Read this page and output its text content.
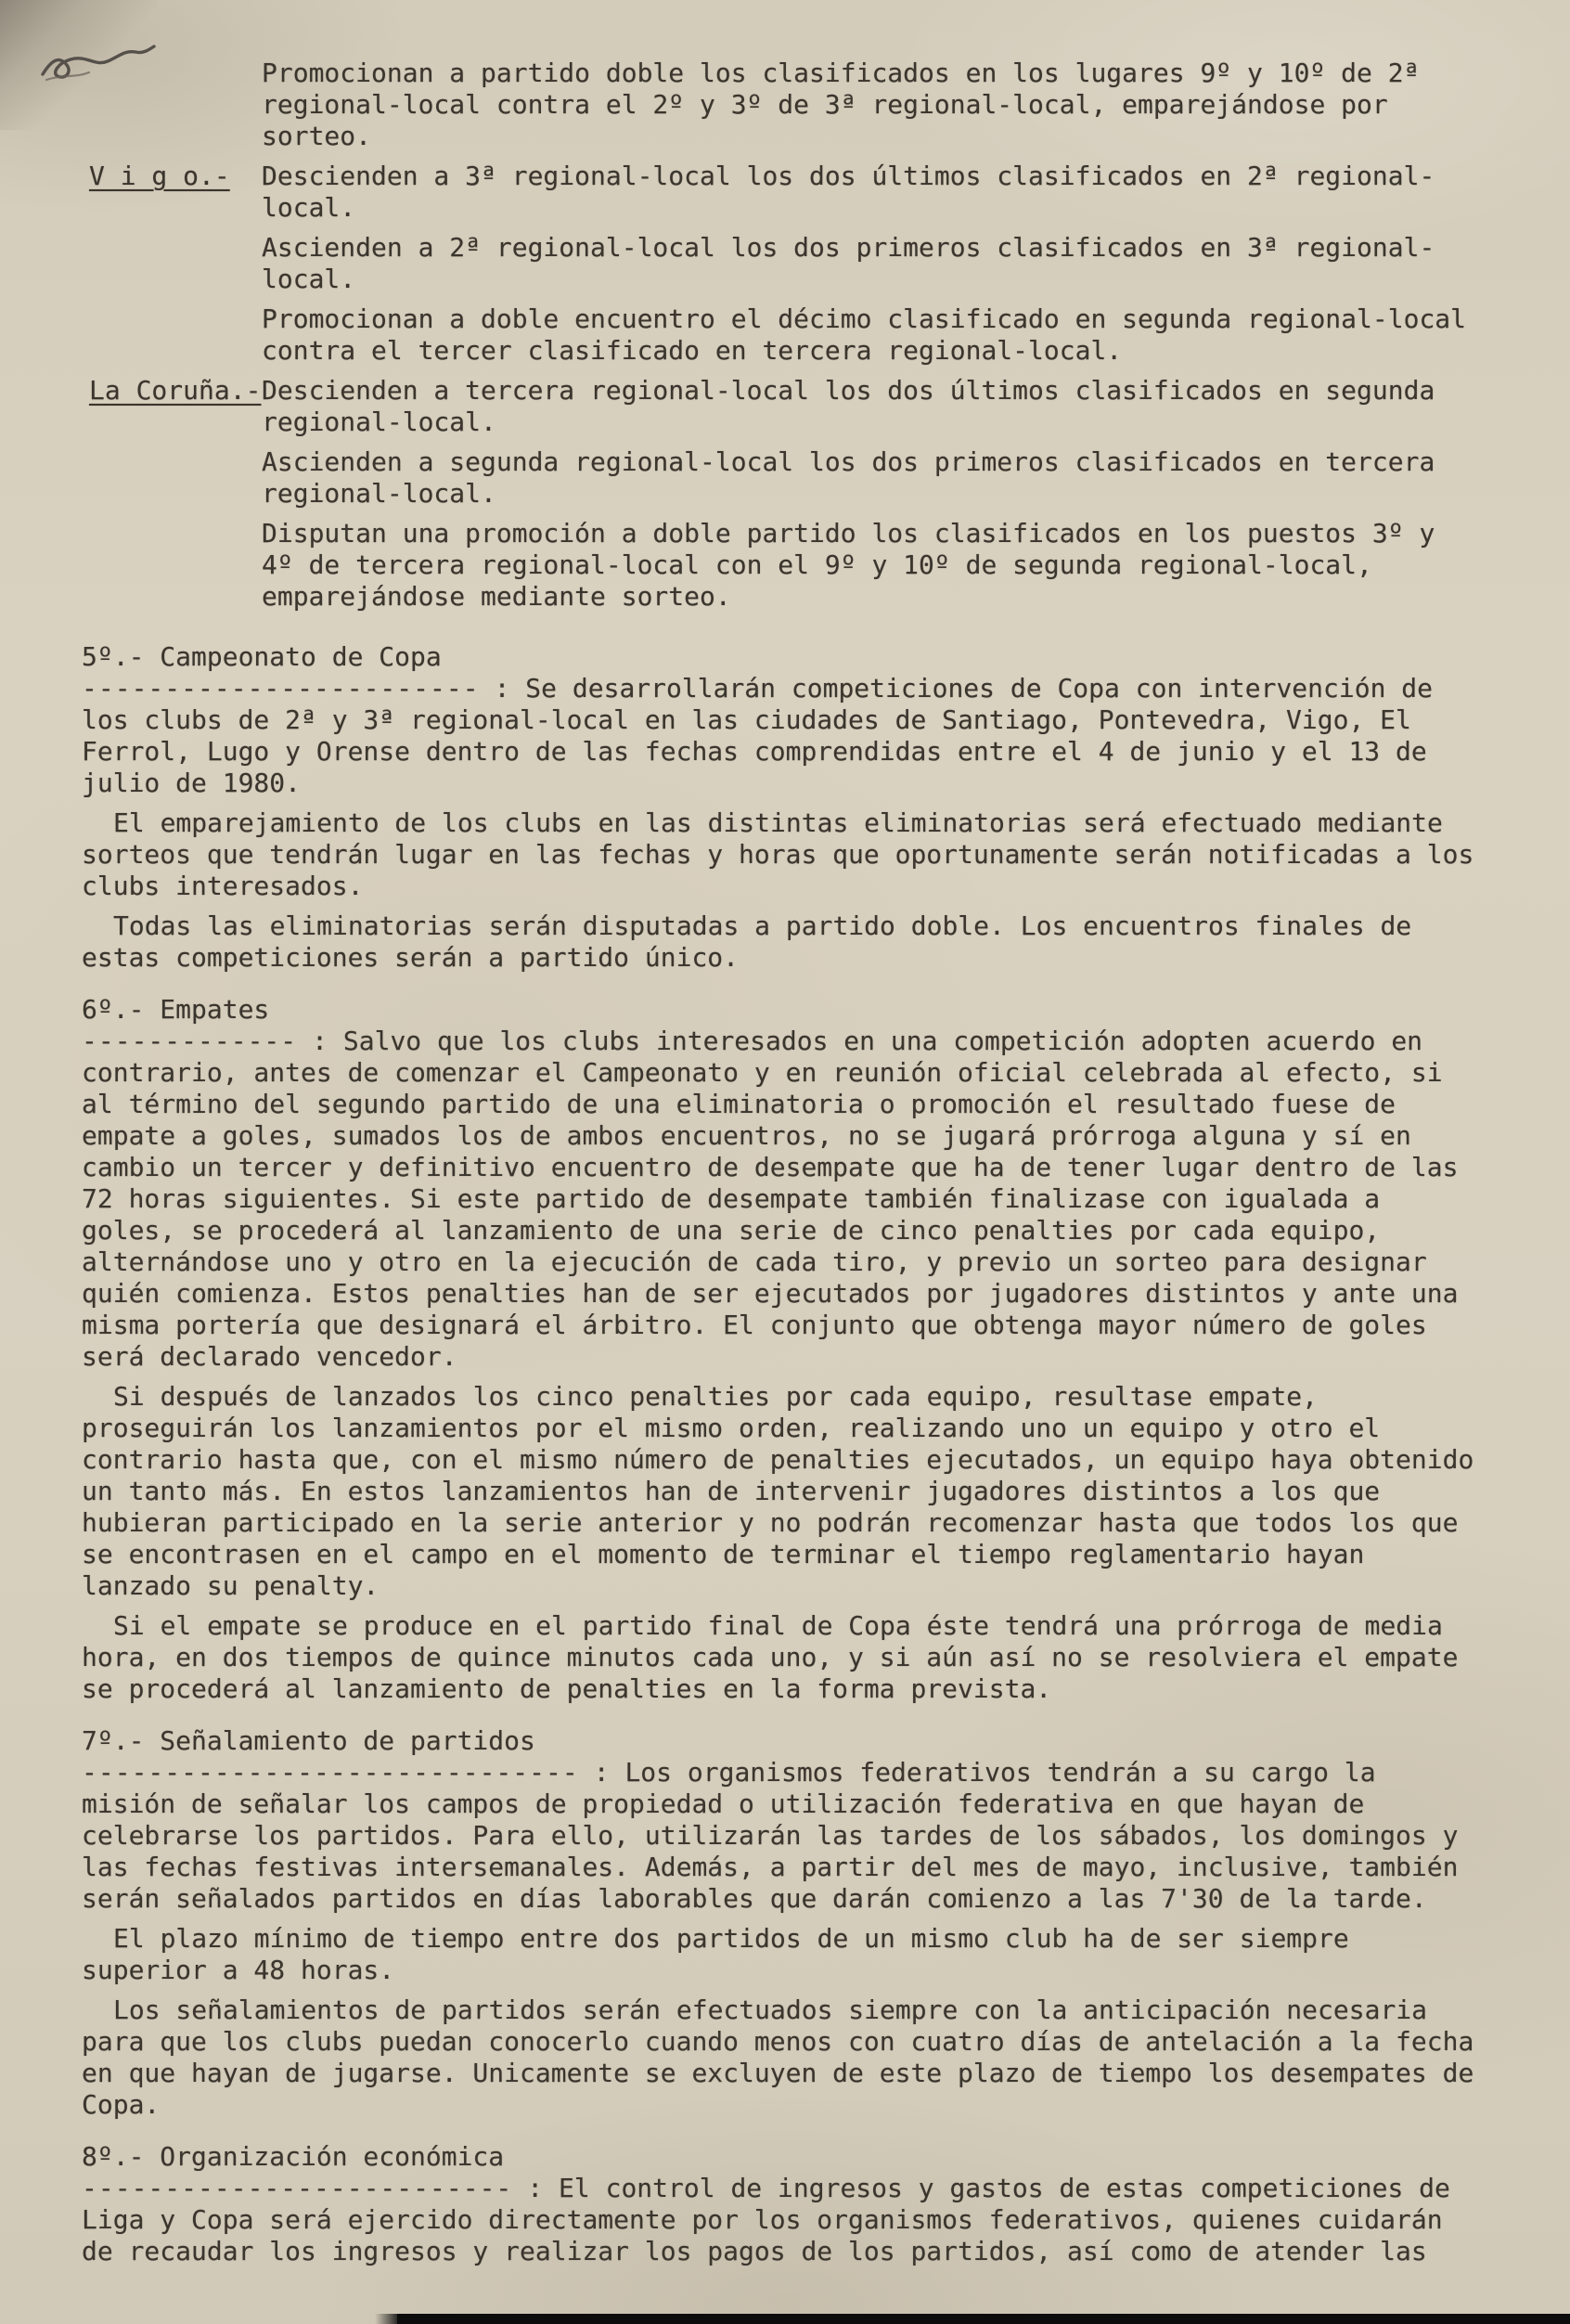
Promocionan a partido doble los clasificados en los lugares 9º y 10º de 2ª regional-local contra el 2º y 3º de 3ª regional-local, emparejándose por sorteo.

V i g o.-	Descienden a 3ª regional-local los dos últimos clasificados en 2ª regional-local.

Ascienden a 2ª regional-local los dos primeros clasificados en 3ª regional-local.

Promocionan a doble encuentro el décimo clasificado en segunda regional-local contra el tercer clasificado en tercera regional-local.

La Coruña.- Descienden a tercera regional-local los dos últimos clasificados en segunda regional-local.

Ascienden a segunda regional-local los dos primeros clasificados en tercera regional-local.

Disputan una promoción a doble partido los clasificados en los puestos 3º y 4º de tercera regional-local con el 9º y 10º de segunda regional-local, emparejándose mediante sorteo.

5º.- Campeonato de Copa

------------------------ : Se desarrollarán competiciones de Copa con intervención de los clubs de 2ª y 3ª regional-local en las ciudades de Santiago, Pontevedra, Vigo, El Ferrol, Lugo y Orense dentro de las fechas comprendidas entre el 4 de junio y el 13 de julio de 1980.

El emparejamiento de los clubs en las distintas eliminatorias será efectuado mediante sorteos que tendrán lugar en las fechas y horas que oportunamente serán notificadas a los clubs interesados.

Todas las eliminatorias serán disputadas a partido doble. Los encuentros finales de estas competiciones serán a partido único.

6º.- Empates

------------- : Salvo que los clubs interesados en una competición adopten acuerdo en contrario, antes de comenzar el Campeonato y en reunión oficial celebrada al efecto, si al término del segundo partido de una eliminatoria o promoción el resultado fuese de empate a goles, sumados los de ambos encuentros, no se jugará prórroga alguna y sí en cambio un tercer y definitivo encuentro de desempate que ha de tener lugar dentro de las 72 horas siguientes. Si este partido de desempate también finalizase con igualada a goles, se procederá al lanzamiento de una serie de cinco penalties por cada equipo, alternándose uno y otro en la ejecución de cada tiro, y previo un sorteo para designar quién comienza. Estos penalties han de ser ejecutados por jugadores distintos y ante una misma portería que designará el árbitro. El conjunto que obtenga mayor número de goles será declarado vencedor.

Si después de lanzados los cinco penalties por cada equipo, resultase empate, proseguirán los lanzamientos por el mismo orden, realizando uno un equipo y otro el contrario hasta que, con el mismo número de penalties ejecutados, un equipo haya obtenido un tanto más. En estos lanzamientos han de intervenir jugadores distintos a los que hubieran participado en la serie anterior y no podrán recomenzar hasta que todos los que se encontrasen en el campo en el momento de terminar el tiempo reglamentario hayan lanzado su penalty.

Si el empate se produce en el partido final de Copa éste tendrá una prórroga de media hora, en dos tiempos de quince minutos cada uno, y si aún así no se resolviera el empate se procederá al lanzamiento de penalties en la forma prevista.

7º.- Señalamiento de partidos

------------------------------ : Los organismos federativos tendrán a su cargo la misión de señalar los campos de propiedad o utilización federativa en que hayan de celebrarse los partidos. Para ello, utilizarán las tardes de los sábados, los domingos y las fechas festivas intersemanales. Además, a partir del mes de mayo, inclusive, también serán señalados partidos en días laborables que darán comienzo a las 7'30 de la tarde.

El plazo mínimo de tiempo entre dos partidos de un mismo club ha de ser siempre superior a 48 horas.

Los señalamientos de partidos serán efectuados siempre con la anticipación necesaria para que los clubs puedan conocerlo cuando menos con cuatro días de antelación a la fecha en que hayan de jugarse. Unicamente se excluyen de este plazo de tiempo los desempates de Copa.

8º.- Organización económica

-------------------------- : El control de ingresos y gastos de estas competiciones de Liga y Copa será ejercido directamente por los organismos federativos, quienes cuidarán de recaudar los ingresos y realizar los pagos de los partidos, así como de atender las
